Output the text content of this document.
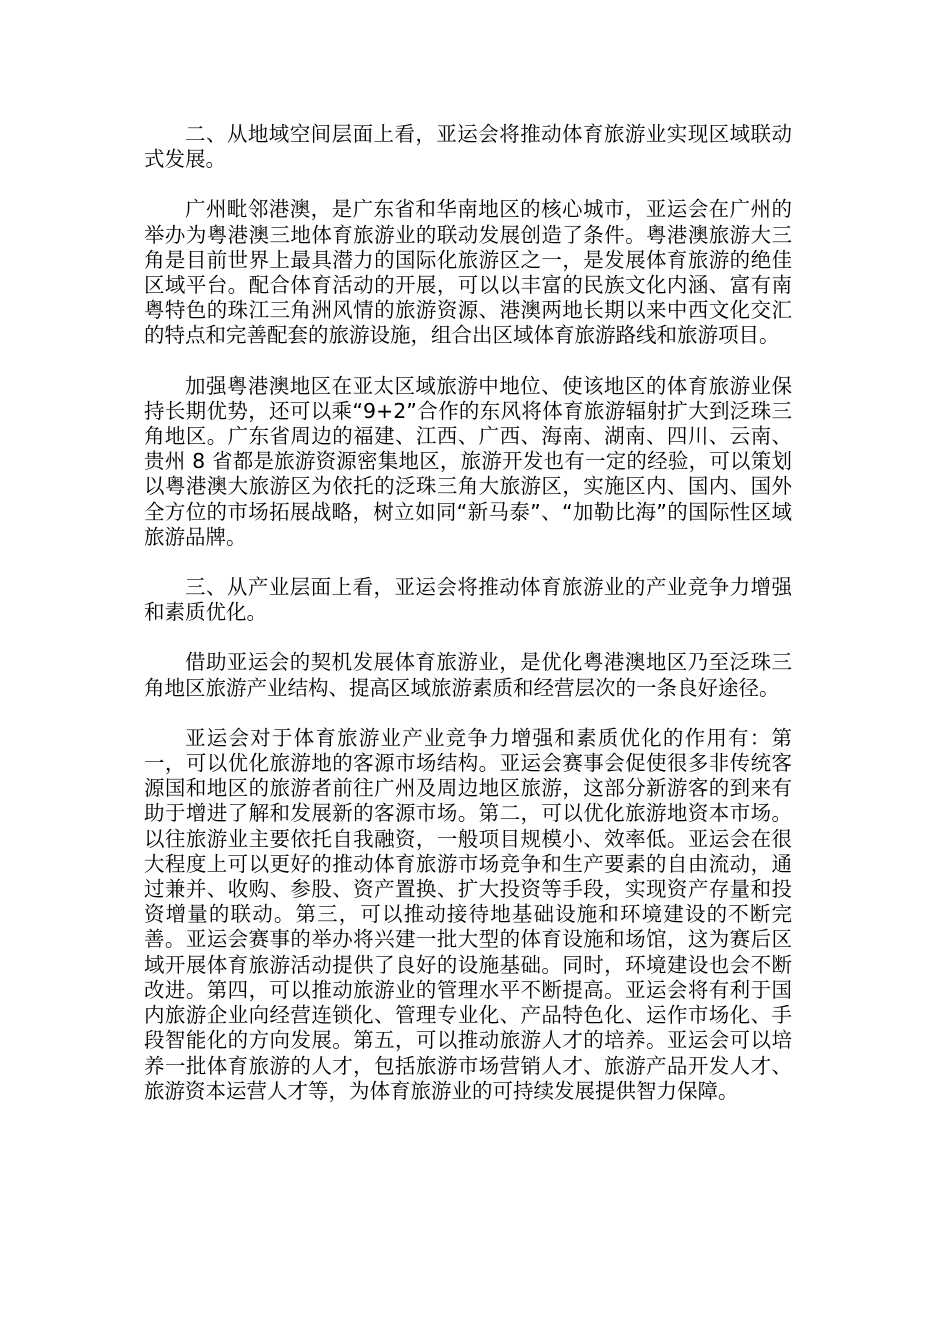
二、从地域空间层面上看，亚运会将推动体育旅游业实现区域联动式发展。

广州毗邻港澳，是广东省和华南地区的核心城市，亚运会在广州的举办为粤港澳三地体育旅游业的联动发展创造了条件。粤港澳旅游大三角是目前世界上最具潜力的国际化旅游区之一，是发展体育旅游的绝佳区域平台。配合体育活动的开展，可以以丰富的民族文化内涵、富有南粤特色的珠江三角洲风情的旅游资源、港澳两地长期以来中西文化交汇的特点和完善配套的旅游设施，组合出区域体育旅游路线和旅游项目。

加强粤港澳地区在亚太区域旅游中地位、使该地区的体育旅游业保持长期优势，还可以乘“9+2”合作的东风将体育旅游辐射扩大到泛珠三角地区。广东省周边的福建、江西、广西、海南、湖南、四川、云南、贵州 8 省都是旅游资源密集地区，旅游开发也有一定的经验，可以策划以粤港澳大旅游区为依托的泛珠三角大旅游区，实施区内、国内、国外全方位的市场拓展战略，树立如同“新马泰”、“加勒比海”的国际性区域旅游品牌。

三、从产业层面上看，亚运会将推动体育旅游业的产业竞争力增强和素质优化。

借助亚运会的契机发展体育旅游业，是优化粤港澳地区乃至泛珠三角地区旅游产业结构、提高区域旅游素质和经营层次的一条良好途径。

亚运会对于体育旅游业产业竞争力增强和素质优化的作用有：第一，可以优化旅游地的客源市场结构。亚运会赛事会促使很多非传统客源国和地区的旅游者前往广州及周边地区旅游，这部分新游客的到来有助于增进了解和发展新的客源市场。第二，可以优化旅游地资本市场。以往旅游业主要依托自我融资，一般项目规模小、效率低。亚运会在很大程度上可以更好的推动体育旅游市场竞争和生产要素的自由流动，通过兼并、收购、参股、资产置换、扩大投资等手段，实现资产存量和投资增量的联动。第三，可以推动接待地基础设施和环境建设的不断完善。亚运会赛事的举办将兴建一批大型的体育设施和场馆，这为赛后区域开展体育旅游活动提供了良好的设施基础。同时，环境建设也会不断改进。第四，可以推动旅游业的管理水平不断提高。亚运会将有利于国内旅游企业向经营连锁化、管理专业化、产品特色化、运作市场化、手段智能化的方向发展。第五，可以推动旅游人才的培养。亚运会可以培养一批体育旅游的人才，包括旅游市场营销人才、旅游产品开发人才、旅游资本运营人才等，为体育旅游业的可持续发展提供智力保障。
